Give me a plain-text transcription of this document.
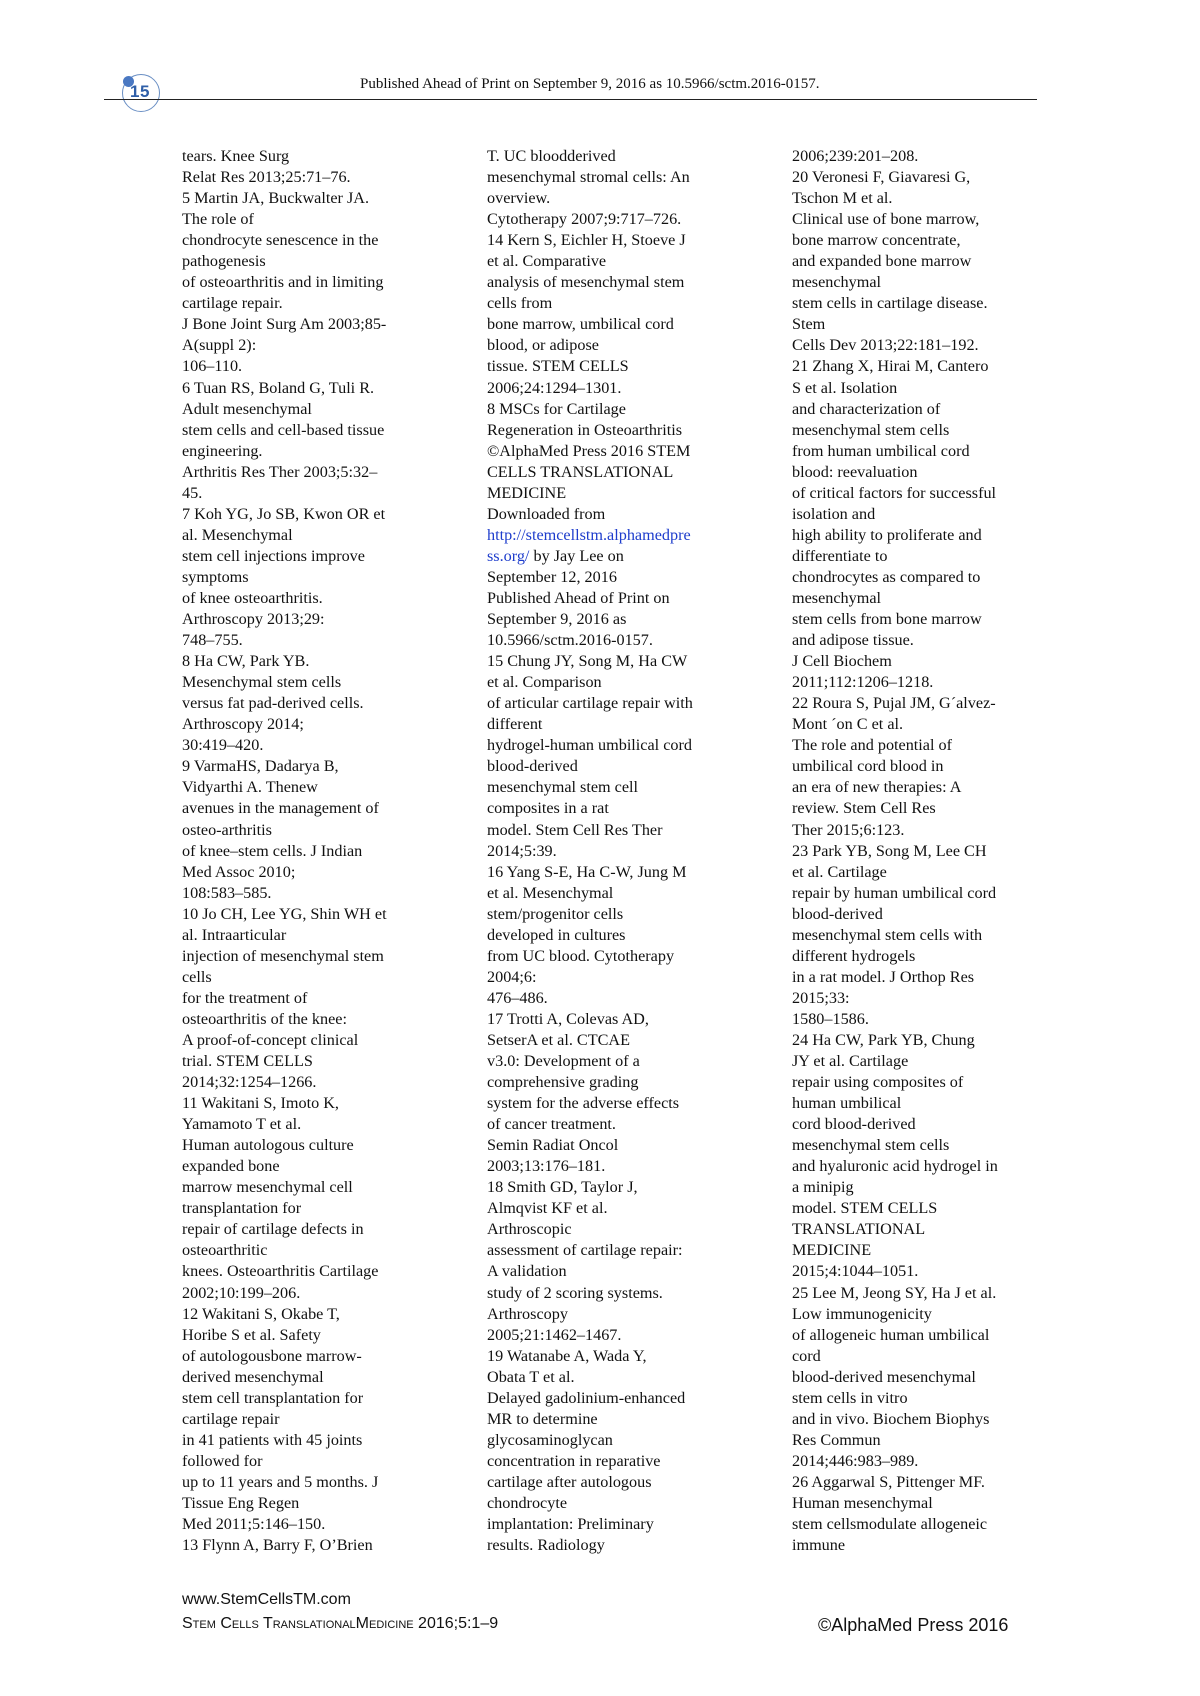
15	Published Ahead of Print on September 9, 2016 as 10.5966/sctm.2016-0157.
tears. Knee Surg
Relat Res 2013;25:71–76.
5 Martin JA, Buckwalter JA.
The role of
chondrocyte senescence in the
pathogenesis
of osteoarthritis and in limiting
cartilage repair.
J Bone Joint Surg Am 2003;85-
A(suppl 2):
106–110.
6 Tuan RS, Boland G, Tuli R.
Adult mesenchymal
stem cells and cell-based tissue
engineering.
Arthritis Res Ther 2003;5:32–
45.
7 Koh YG, Jo SB, Kwon OR et
al. Mesenchymal
stem cell injections improve
symptoms
of knee osteoarthritis.
Arthroscopy 2013;29:
748–755.
8 Ha CW, Park YB.
Mesenchymal stem cells
versus fat pad-derived cells.
Arthroscopy 2014;
30:419–420.
9 VarmaHS, Dadarya B,
Vidyarthi A. Thenew
avenues in the management of
osteo-arthritis
of knee–stem cells. J Indian
Med Assoc 2010;
108:583–585.
10 Jo CH, Lee YG, Shin WH et
al. Intraarticular
injection of mesenchymal stem
cells
for the treatment of
osteoarthritis of the knee:
A proof-of-concept clinical
trial. STEM CELLS
2014;32:1254–1266.
11 Wakitani S, Imoto K,
Yamamoto T et al.
Human autologous culture
expanded bone
marrow mesenchymal cell
transplantation for
repair of cartilage defects in
osteoarthritic
knees. Osteoarthritis Cartilage
2002;10:199–206.
12 Wakitani S, Okabe T,
Horibe S et al. Safety
of autologousbone marrow-
derived mesenchymal
stem cell transplantation for
cartilage repair
in 41 patients with 45 joints
followed for
up to 11 years and 5 months. J
Tissue Eng Regen
Med 2011;5:146–150.
13 Flynn A, Barry F, O’Brien
T. UC bloodderived
mesenchymal stromal cells: An
overview.
Cytotherapy 2007;9:717–726.
14 Kern S, Eichler H, Stoeve J
et al. Comparative
analysis of mesenchymal stem
cells from
bone marrow, umbilical cord
blood, or adipose
tissue. STEM CELLS
2006;24:1294–1301.
8 MSCs for Cartilage
Regeneration in Osteoarthritis
©AlphaMed Press 2016 STEM
CELLS TRANSLATIONAL
MEDICINE
Downloaded from
http://stemcellstm.alphamedpre
ss.org/ by Jay Lee on
September 12, 2016
Published Ahead of Print on
September 9, 2016 as
10.5966/sctm.2016-0157.
15 Chung JY, Song M, Ha CW
et al. Comparison
of articular cartilage repair with
different
hydrogel-human umbilical cord
blood-derived
mesenchymal stem cell
composites in a rat
model. Stem Cell Res Ther
2014;5:39.
16 Yang S-E, Ha C-W, Jung M
et al. Mesenchymal
stem/progenitor cells
developed in cultures
from UC blood. Cytotherapy
2004;6:
476–486.
17 Trotti A, Colevas AD,
SetserA et al. CTCAE
v3.0: Development of a
comprehensive grading
system for the adverse effects
of cancer treatment.
Semin Radiat Oncol
2003;13:176–181.
18 Smith GD, Taylor J,
Almqvist KF et al.
Arthroscopic
assessment of cartilage repair:
A validation
study of 2 scoring systems.
Arthroscopy
2005;21:1462–1467.
19 Watanabe A, Wada Y,
Obata T et al.
Delayed gadolinium-enhanced
MR to determine
glycosaminoglycan
concentration in reparative
cartilage after autologous
chondrocyte
implantation: Preliminary
results. Radiology
2006;239:201–208.
20 Veronesi F, Giavaresi G,
Tschon M et al.
Clinical use of bone marrow,
bone marrow concentrate,
and expanded bone marrow
mesenchymal
stem cells in cartilage disease.
Stem
Cells Dev 2013;22:181–192.
21 Zhang X, Hirai M, Cantero
S et al. Isolation
and characterization of
mesenchymal stem cells
from human umbilical cord
blood: reevaluation
of critical factors for successful
isolation and
high ability to proliferate and
differentiate to
chondrocytes as compared to
mesenchymal
stem cells from bone marrow
and adipose tissue.
J Cell Biochem
2011;112:1206–1218.
22 Roura S, Pujal JM, G´alvez-
Mont ´on C et al.
The role and potential of
umbilical cord blood in
an era of new therapies: A
review. Stem Cell Res
Ther 2015;6:123.
23 Park YB, Song M, Lee CH
et al. Cartilage
repair by human umbilical cord
blood-derived
mesenchymal stem cells with
different hydrogels
in a rat model. J Orthop Res
2015;33:
1580–1586.
24 Ha CW, Park YB, Chung
JY et al. Cartilage
repair using composites of
human umbilical
cord blood-derived
mesenchymal stem cells
and hyaluronic acid hydrogel in
a minipig
model. STEM CELLS
TRANSLATIONAL
MEDICINE
2015;4:1044–1051.
25 Lee M, Jeong SY, Ha J et al.
Low immunogenicity
of allogeneic human umbilical
cord
blood-derived mesenchymal
stem cells in vitro
and in vivo. Biochem Biophys
Res Commun
2014;446:983–989.
26 Aggarwal S, Pittenger MF.
Human mesenchymal
stem cellsmodulate allogeneic
immune
www.StemCellsTM.com
Stem Cells TranslationalMedicine 2016;5:1–9	©AlphaMed Press 2016
